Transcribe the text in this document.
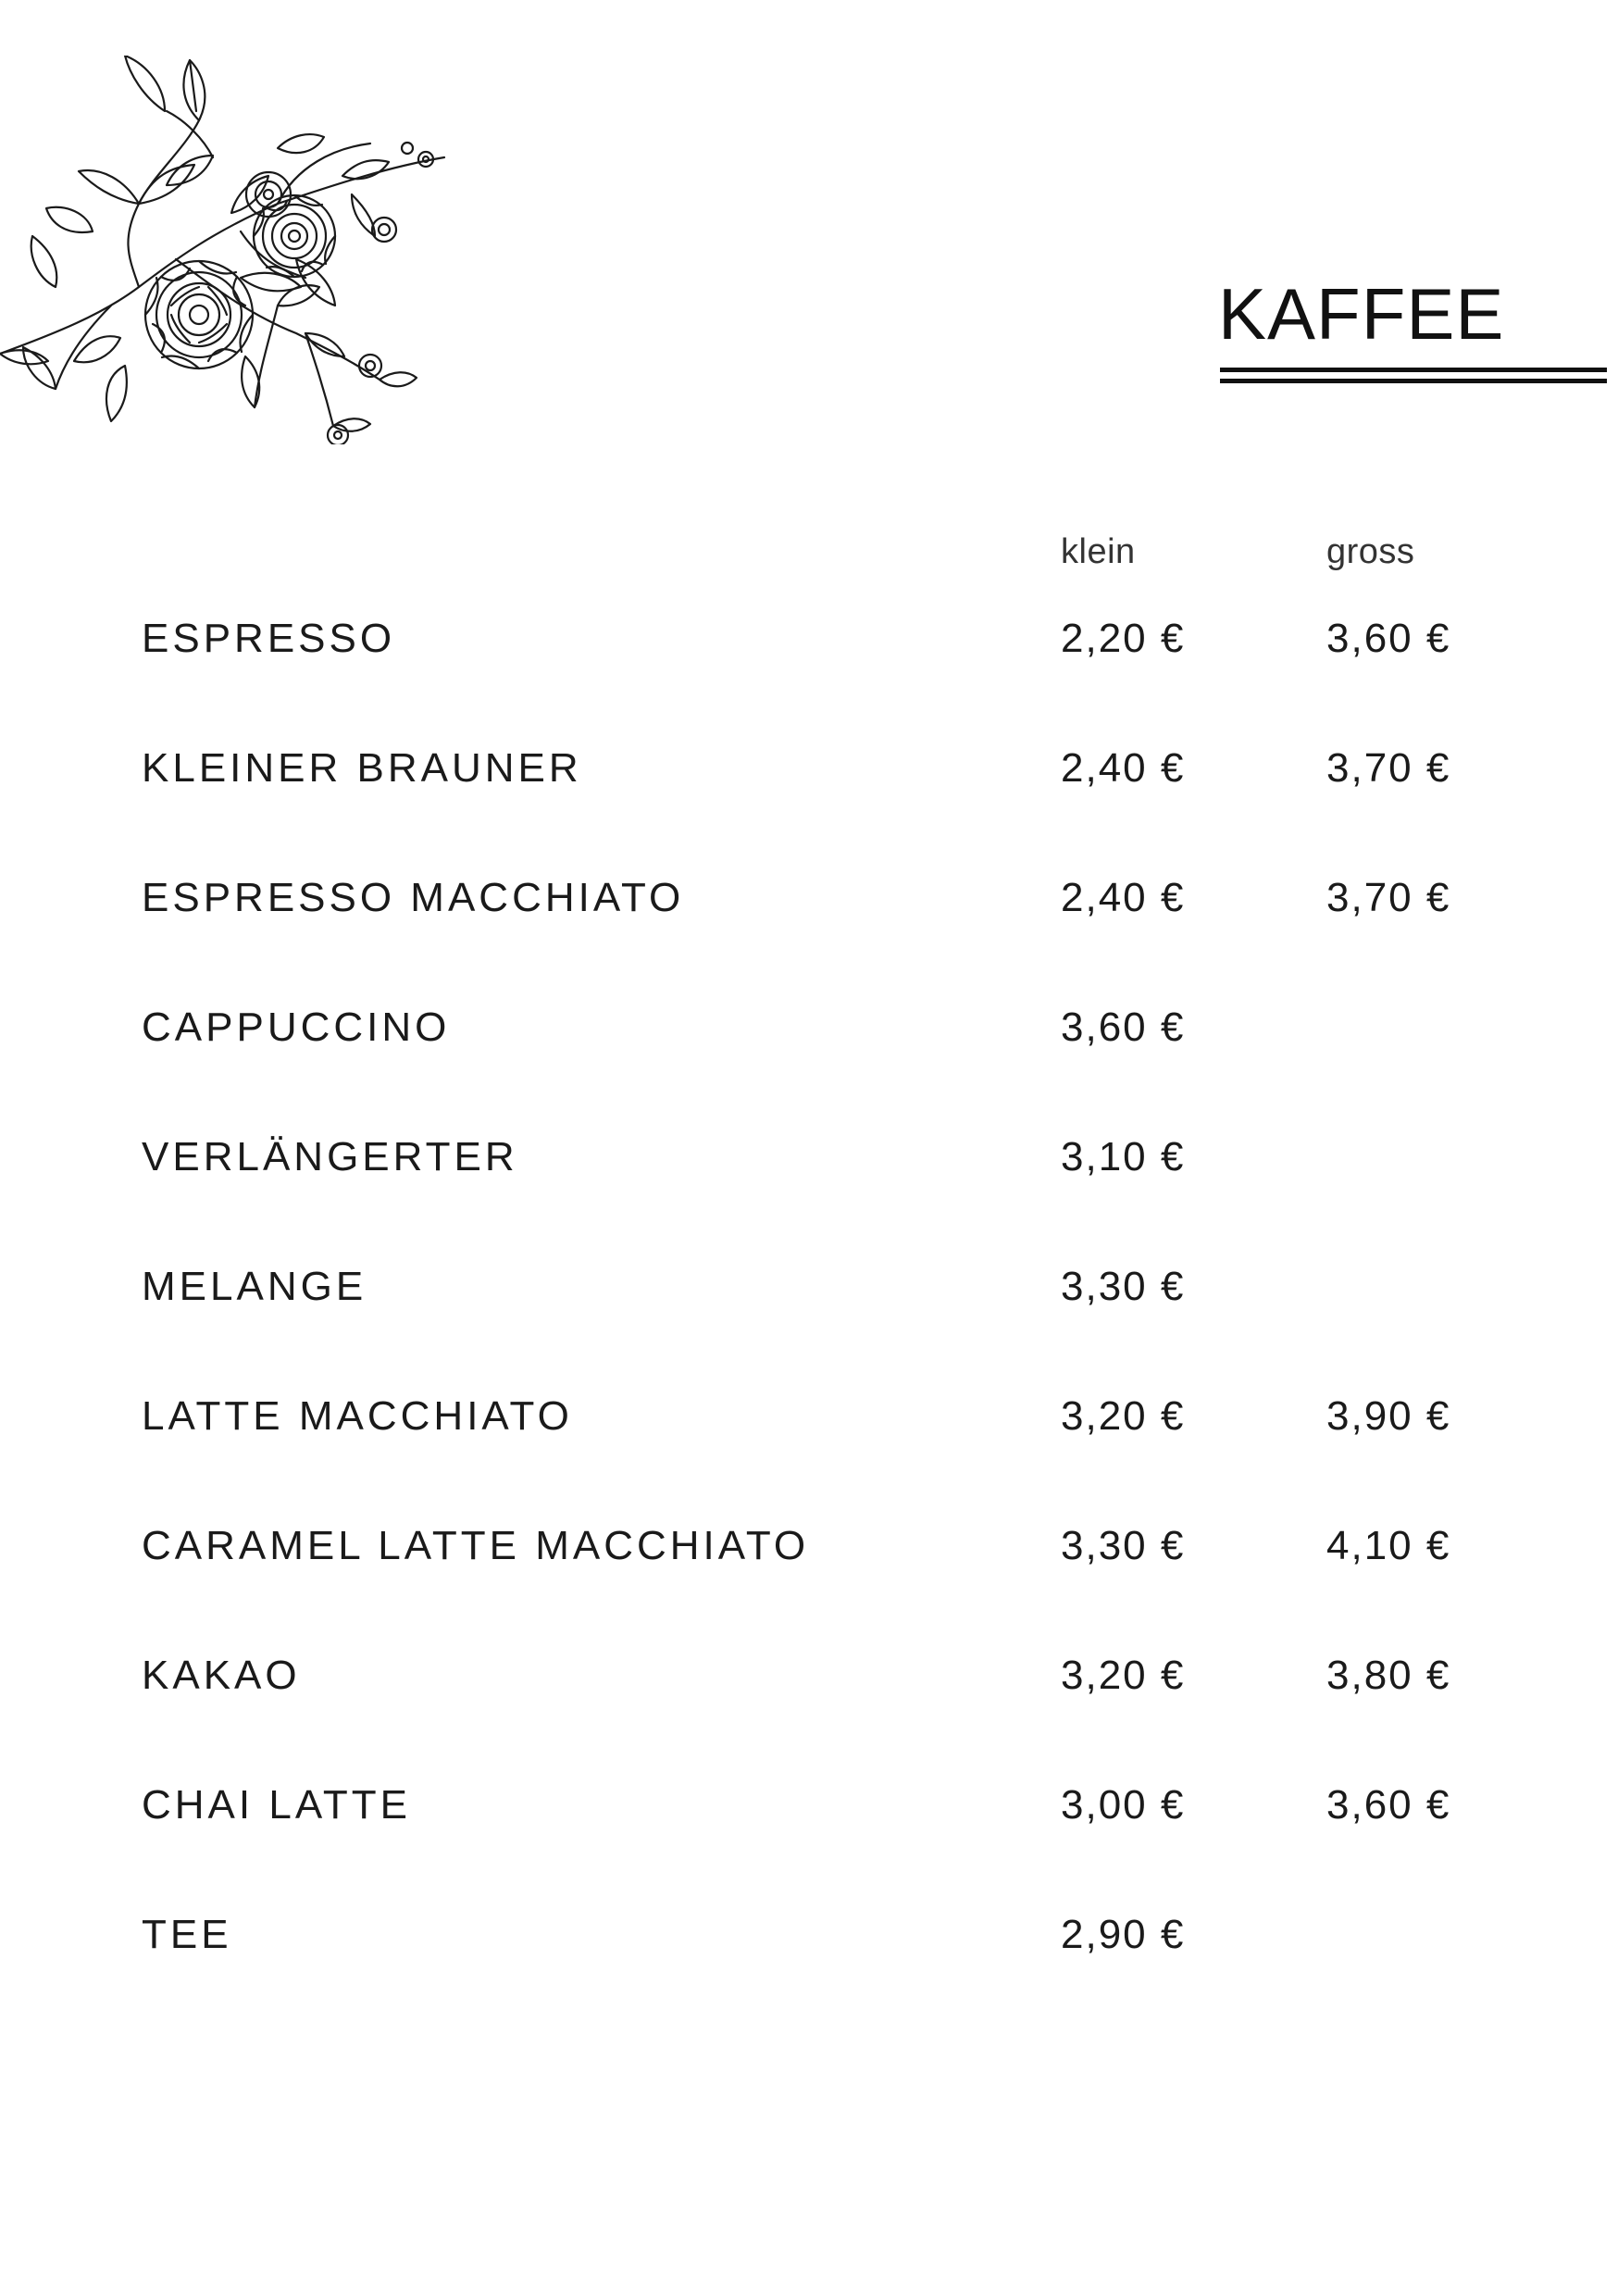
KAFFEE
klein	gross
ESPRESSO	2,20 €	3,60 €
KLEINER BRAUNER	2,40 €	3,70 €
ESPRESSO MACCHIATO	2,40 €	3,70 €
CAPPUCCINO	3,60 €
VERLÄNGERTER	3,10 €
MELANGE	3,30 €
LATTE MACCHIATO	3,20 €	3,90 €
CARAMEL LATTE MACCHIATO	3,30 €	4,10 €
KAKAO	3,20 €	3,80 €
CHAI LATTE	3,00 €	3,60 €
TEE	2,90 €
